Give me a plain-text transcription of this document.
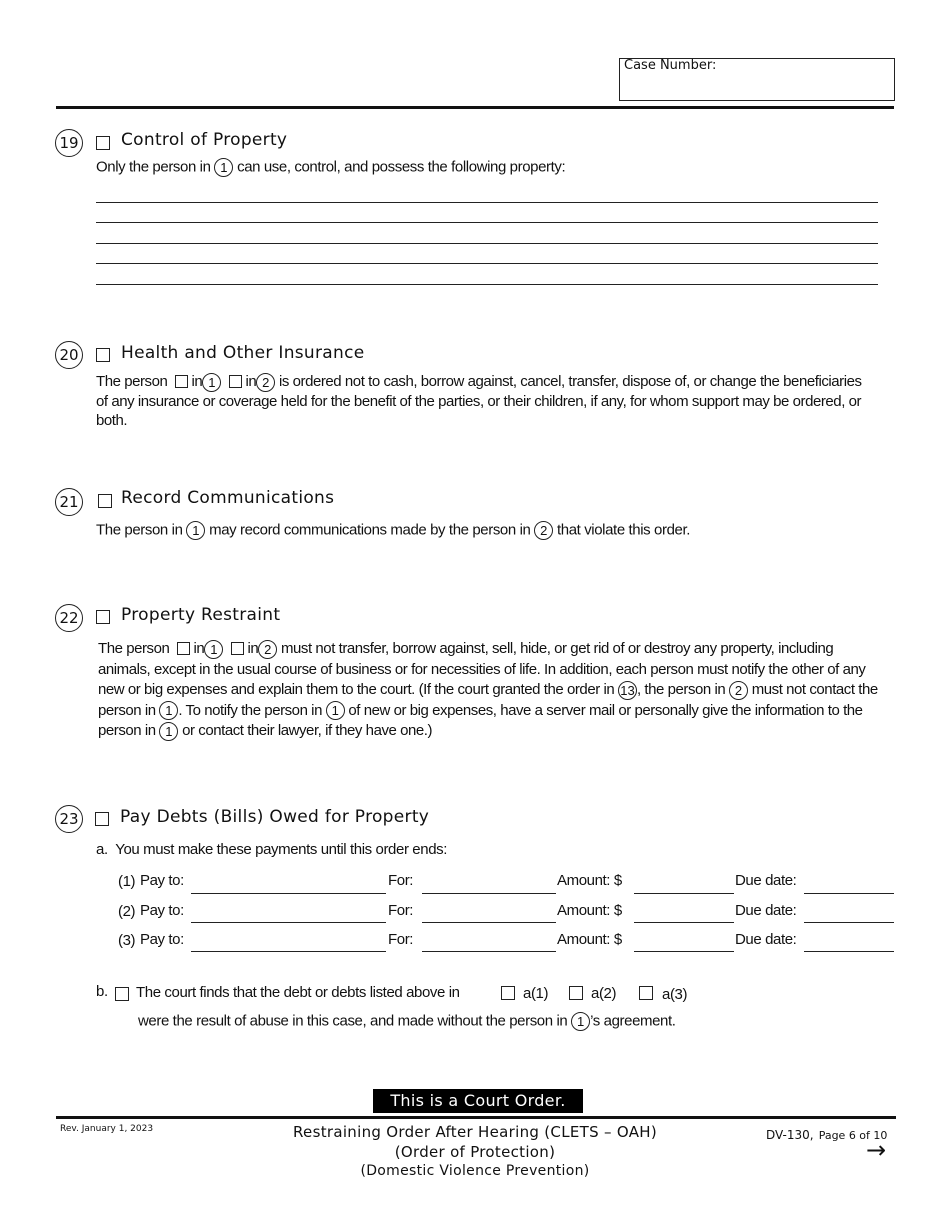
Case Number:
19 Control of Property
Only the person in 1 can use, control, and possess the following property:
20 Health and Other Insurance
The person in 1 in 2 is ordered not to cash, borrow against, cancel, transfer, dispose of, or change the beneficiaries of any insurance or coverage held for the benefit of the parties, or their children, if any, for whom support may be ordered, or both.
21 Record Communications
The person in 1 may record communications made by the person in 2 that violate this order.
22 Property Restraint
The person in 1 in 2 must not transfer, borrow against, sell, hide, or get rid of or destroy any property, including animals, except in the usual course of business or for necessities of life. In addition, each person must notify the other of any new or big expenses and explain them to the court. (If the court granted the order in 13 , the person in 2 must not contact the person in 1 . To notify the person in 1 of new or big expenses, have a server mail or personally give the information to the person in 1 or contact their lawyer, if they have one.)
23 Pay Debts (Bills) Owed for Property
a. You must make these payments until this order ends:
(1) Pay to:	For:	Amount: $	Due date:
(2) Pay to:	For:	Amount: $	Due date:
(3) Pay to:	For:	Amount: $	Due date:
b. The court finds that the debt or debts listed above in	a(1)	a(2)	a(3)
were the result of abuse in this case, and made without the person in 1 ’s agreement.
This is a Court Order.
Rev. January 1, 2023	Restraining Order After Hearing (CLETS – OAH)
(Order of Protection)
(Domestic Violence Prevention)
DV-130, Page 6 of 10
→
